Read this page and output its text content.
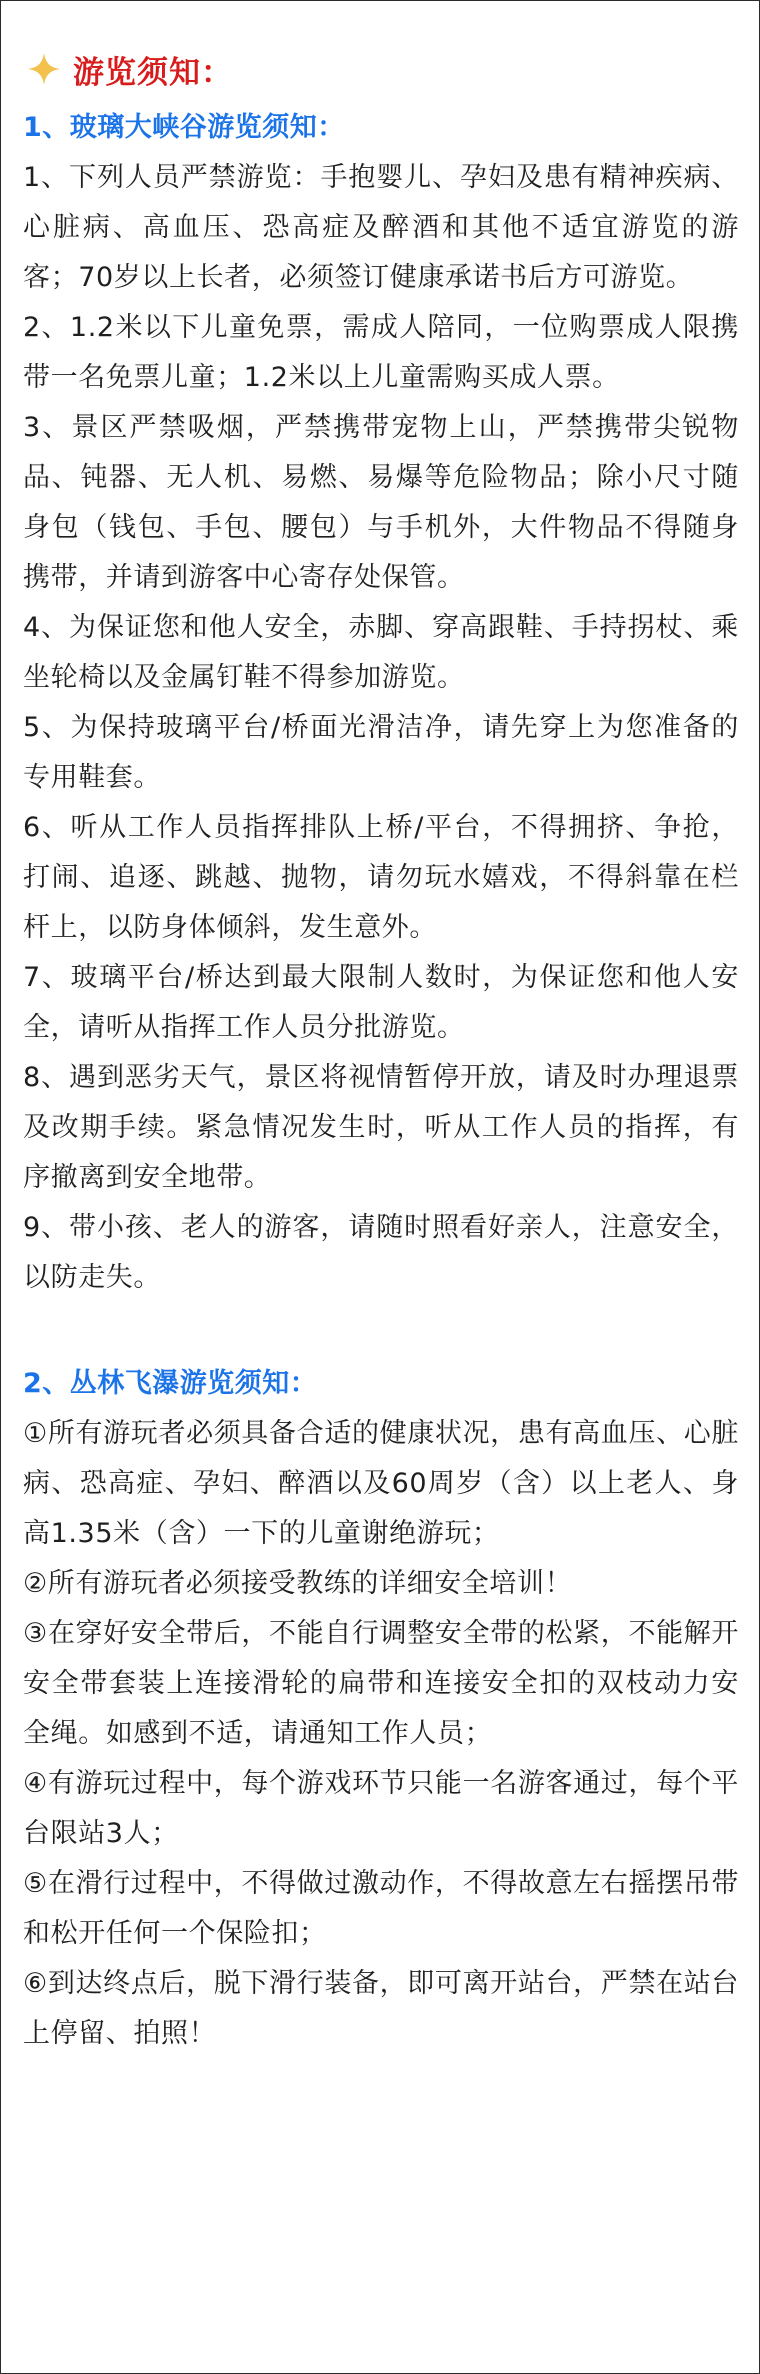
游览须知：
1、玻璃大峡谷游览须知：
1、下列人员严禁游览：手抱婴儿、孕妇及患有精神疾病、心脏病、高血压、恐高症及醉酒和其他不适宜游览的游客；70岁以上长者，必须签订健康承诺书后方可游览。
2、1.2米以下儿童免票，需成人陪同，一位购票成人限携带一名免票儿童；1.2米以上儿童需购买成人票。
3、景区严禁吸烟，严禁携带宠物上山，严禁携带尖锐物品、钝器、无人机、易燃、易爆等危险物品；除小尺寸随身包（钱包、手包、腰包）与手机外，大件物品不得随身携带，并请到游客中心寄存处保管。
4、为保证您和他人安全，赤脚、穿高跟鞋、手持拐杖、乘坐轮椅以及金属钉鞋不得参加游览。
5、为保持玻璃平台/桥面光滑洁净，请先穿上为您准备的专用鞋套。
6、听从工作人员指挥排队上桥/平台，不得拥挤、争抢，打闹、追逐、跳越、抛物，请勿玩水嬉戏，不得斜靠在栏杆上，以防身体倾斜，发生意外。
7、玻璃平台/桥达到最大限制人数时，为保证您和他人安全，请听从指挥工作人员分批游览。
8、遇到恶劣天气，景区将视情暂停开放，请及时办理退票及改期手续。紧急情况发生时，听从工作人员的指挥，有序撤离到安全地带。
9、带小孩、老人的游客，请随时照看好亲人，注意安全，以防走失。
2、丛林飞瀑游览须知：
①所有游玩者必须具备合适的健康状况，患有高血压、心脏病、恐高症、孕妇、醉酒以及60周岁（含）以上老人、身高1.35米（含）一下的儿童谢绝游玩；
②所有游玩者必须接受教练的详细安全培训！
③在穿好安全带后，不能自行调整安全带的松紧，不能解开安全带套装上连接滑轮的扁带和连接安全扣的双枝动力安全绳。如感到不适，请通知工作人员；
④有游玩过程中，每个游戏环节只能一名游客通过，每个平台限站3人；
⑤在滑行过程中，不得做过激动作，不得故意左右摇摆吊带和松开任何一个保险扣；
⑥到达终点后，脱下滑行装备，即可离开站台，严禁在站台上停留、拍照！
